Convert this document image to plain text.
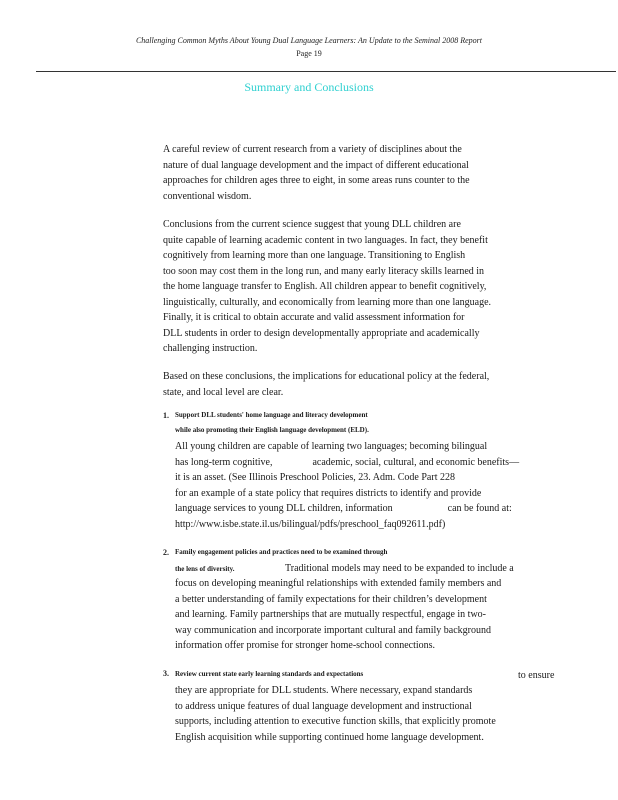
Challenging Common Myths About Young Dual Language Learners: An Update to the Seminal 2008 Report
Page 19
Summary and Conclusions
A careful review of current research from a variety of disciplines about the
nature of dual language development and the impact of different educational
approaches for children ages three to eight, in some areas runs counter to the
conventional wisdom.
Conclusions from the current science suggest that young DLL children are
quite capable of learning academic content in two languages. In fact, they benefit
cognitively from learning more than one language. Transitioning to English
too soon may cost them in the long run, and many early literacy skills learned in
the home language transfer to English. All children appear to benefit cognitively,
linguistically, culturally, and economically from learning more than one language.
Finally, it is critical to obtain accurate and valid assessment information for
DLL students in order to design developmentally appropriate and academically
challenging instruction.
Based on these conclusions, the implications for educational policy at the federal,
state, and local level are clear.
1. Support DLL students' home language and literacy development
while also promoting their English language development (ELD).
All young children are capable of learning two languages; becoming bilingual
has long-term cognitive,	academic, social, cultural, and economic benefits—
it is an asset. (See Illinois Preschool Policies, 23. Adm. Code Part 228
for an example of a state policy that requires districts to identify and provide
language services to young DLL children, information	can be found at:
http://www.isbe.state.il.us/bilingual/pdfs/preschool_faq092611.pdf)
2. Family engagement policies and practices need to be examined through
the lens of diversity.	Traditional models may need to be expanded to include a
focus on developing meaningful relationships with extended family members and
a better understanding of family expectations for their children’s development
and learning. Family partnerships that are mutually respectful, engage in two-
way communication and incorporate important cultural and family background
information offer promise for stronger home-school connections.
3. Review current state early learning standards and expectations	to ensure
they are appropriate for DLL students. Where necessary, expand standards
to address unique features of dual language development and instructional
supports, including attention to executive function skills, that explicitly promote
English acquisition while supporting continued home language development.
